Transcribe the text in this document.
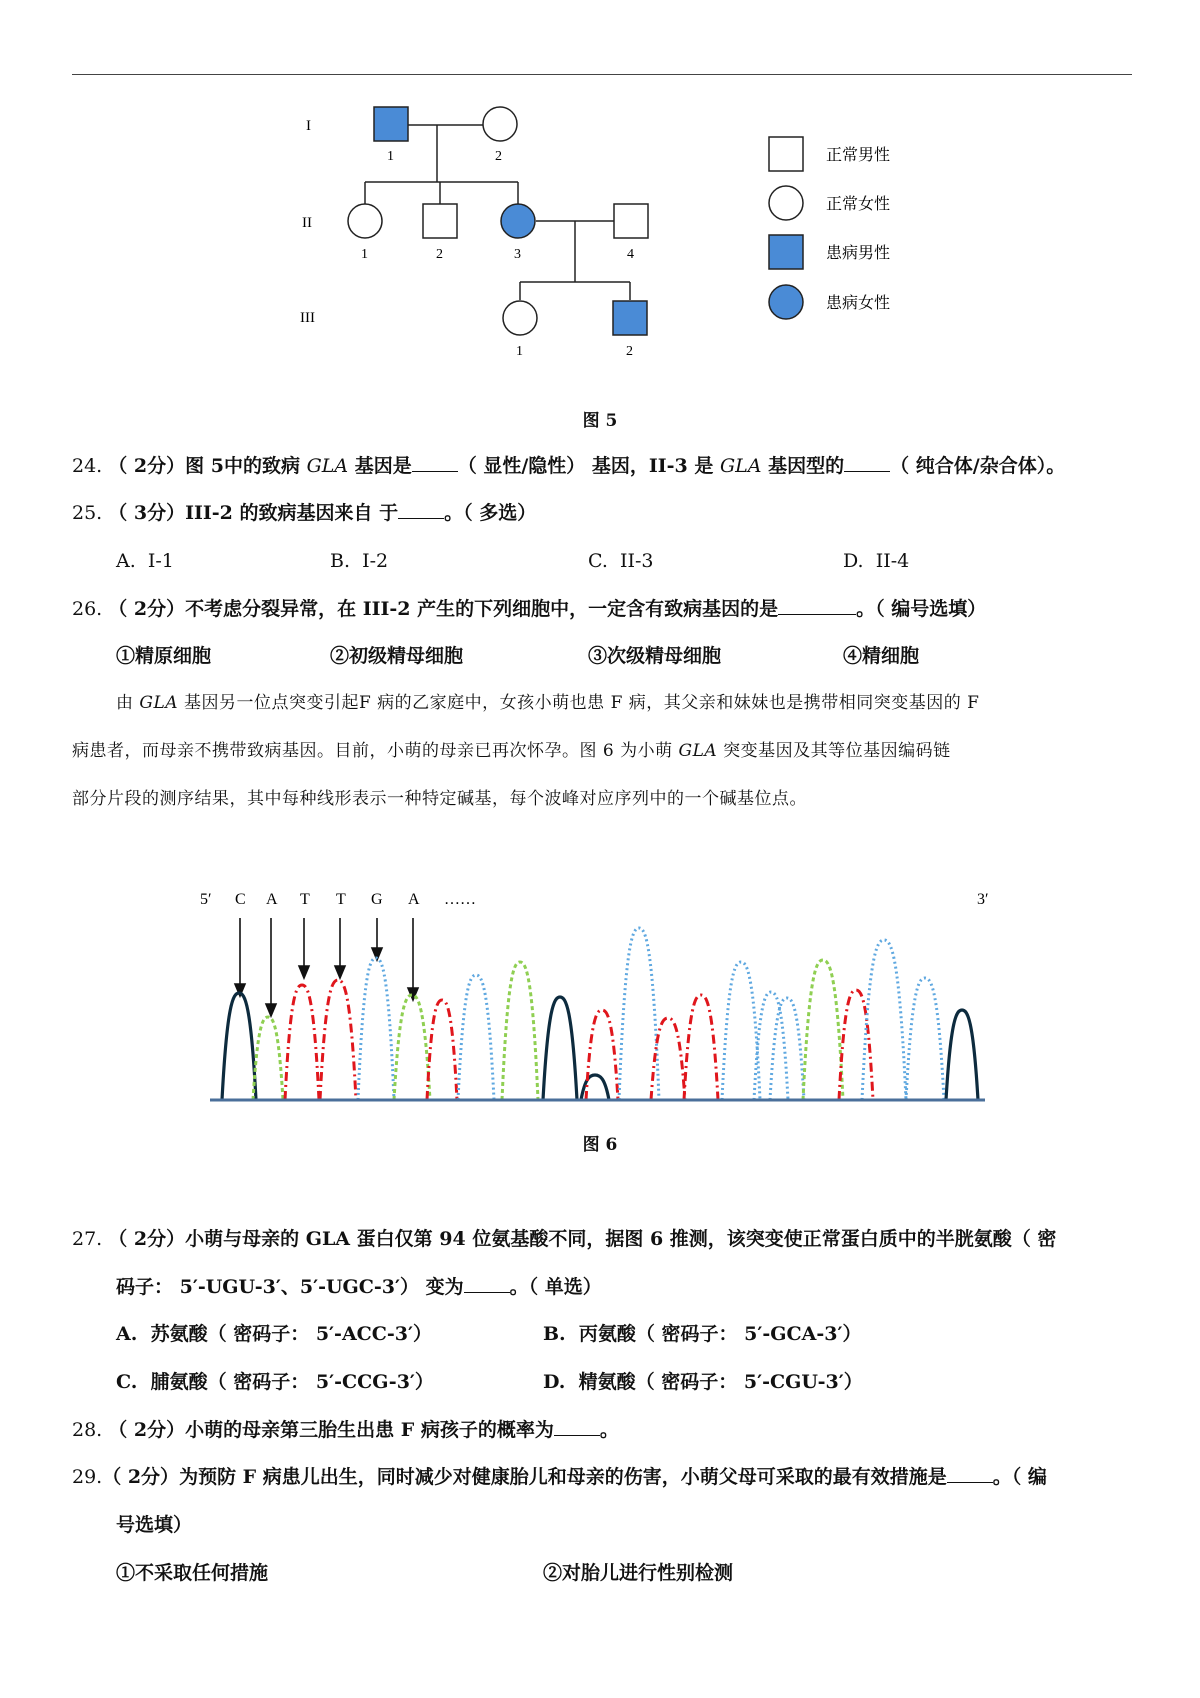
I
II
III
1	2
1	2	3	4
1	2
正常男性
正常女性
患病男性
患病女性
图 5
24. （ 2分）图 5中的致病 GLA 基因是 （ 显性/隐性） 基因，II-3 是 GLA 基因型的 （ 纯合体/杂合体）。
25. （ 3分）III-2 的致病基因来自 于 。（ 多选）
A. I-1	B. I-2	C. II-3	D. II-4
26. （ 2分）不考虑分裂异常，在 III-2 产生的下列细胞中，一定含有致病基因的是	。（ 编号选填）
①精原细胞	②初级精母细胞	③次级精母细胞	④精细胞
由 GLA 基因另一位点突变引起F 病的乙家庭中，女孩小萌也患 F 病，其父亲和妹妹也是携带相同突变基因的 F
病患者，而母亲不携带致病基因。目前，小萌的母亲已再次怀孕。图 6 为小萌 GLA 突变基因及其等位基因编码链
部分片段的测序结果，其中每种线形表示一种特定碱基，每个波峰对应序列中的一个碱基位点。
5′ C A T T G A ……	3′
图 6
27. （ 2分）小萌与母亲的 GLA 蛋白仅第 94 位氨基酸不同，据图 6 推测，该突变使正常蛋白质中的半胱氨酸（ 密
码子： 5′-UGU-3′、5′-UGC-3′） 变为 。（ 单选）
A. 苏氨酸（ 密码子： 5′-ACC-3′）	B. 丙氨酸（ 密码子： 5′-GCA-3′）
C. 脯氨酸（ 密码子： 5′-CCG-3′）	D. 精氨酸（ 密码子： 5′-CGU-3′）
28. （ 2分）小萌的母亲第三胎生出患 F 病孩子的概率为 。
29.（ 2分）为预防 F 病患儿出生，同时减少对健康胎儿和母亲的伤害，小萌父母可采取的最有效措施是 。（ 编
号选填）
①不采取任何措施	②对胎儿进行性别检测
